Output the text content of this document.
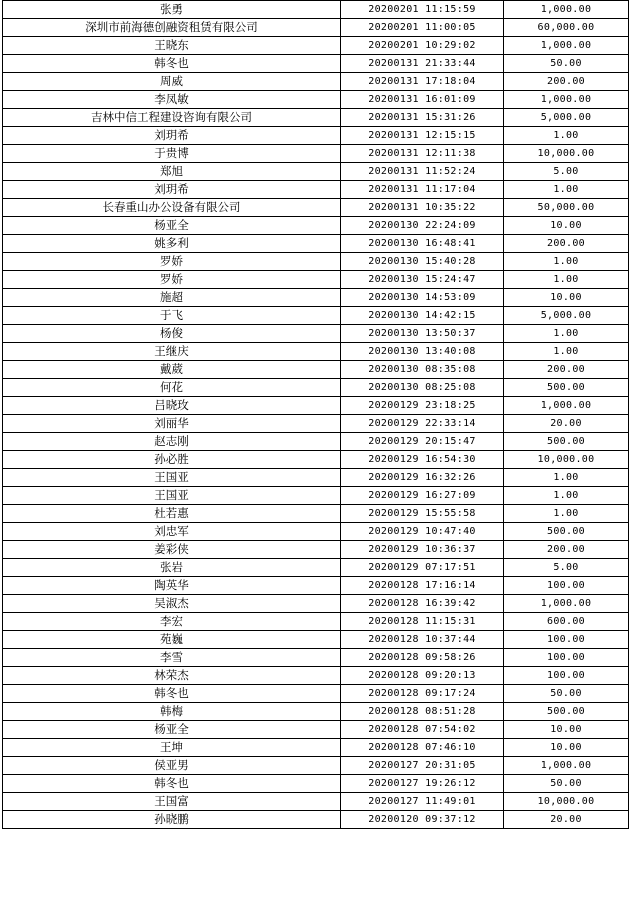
张勇	20200201 11:15:59	1,000.00
深圳市前海德创融资租赁有限公司	20200201 11:00:05	60,000.00
王晓东	20200201 10:29:02	1,000.00
韩冬也	20200131 21:33:44	50.00
周威	20200131 17:18:04	200.00
李凤敏	20200131 16:01:09	1,000.00
吉林中信工程建设咨询有限公司	20200131 15:31:26	5,000.00
刘玥希	20200131 12:15:15	1.00
于贵博	20200131 12:11:38	10,000.00
郑旭	20200131 11:52:24	5.00
刘玥希	20200131 11:17:04	1.00
长春重山办公设备有限公司	20200131 10:35:22	50,000.00
杨亚全	20200130 22:24:09	10.00
姚多利	20200130 16:48:41	200.00
罗娇	20200130 15:40:28	1.00
罗娇	20200130 15:24:47	1.00
施超	20200130 14:53:09	10.00
于飞	20200130 14:42:15	5,000.00
杨俊	20200130 13:50:37	1.00
王继庆	20200130 13:40:08	1.00
戴葳	20200130 08:35:08	200.00
何花	20200130 08:25:08	500.00
吕晓玫	20200129 23:18:25	1,000.00
刘丽华	20200129 22:33:14	20.00
赵志刚	20200129 20:15:47	500.00
孙必胜	20200129 16:54:30	10,000.00
王国亚	20200129 16:32:26	1.00
王国亚	20200129 16:27:09	1.00
杜若惠	20200129 15:55:58	1.00
刘忠军	20200129 10:47:40	500.00
姜彩侠	20200129 10:36:37	200.00
张岩	20200129 07:17:51	5.00
陶英华	20200128 17:16:14	100.00
吴淑杰	20200128 16:39:42	1,000.00
李宏	20200128 11:15:31	600.00
苑巍	20200128 10:37:44	100.00
李雪	20200128 09:58:26	100.00
林荣杰	20200128 09:20:13	100.00
韩冬也	20200128 09:17:24	50.00
韩梅	20200128 08:51:28	500.00
杨亚全	20200128 07:54:02	10.00
王坤	20200128 07:46:10	10.00
侯亚男	20200127 20:31:05	1,000.00
韩冬也	20200127 19:26:12	50.00
王国富	20200127 11:49:01	10,000.00
孙晓鹏	20200120 09:37:12	20.00
